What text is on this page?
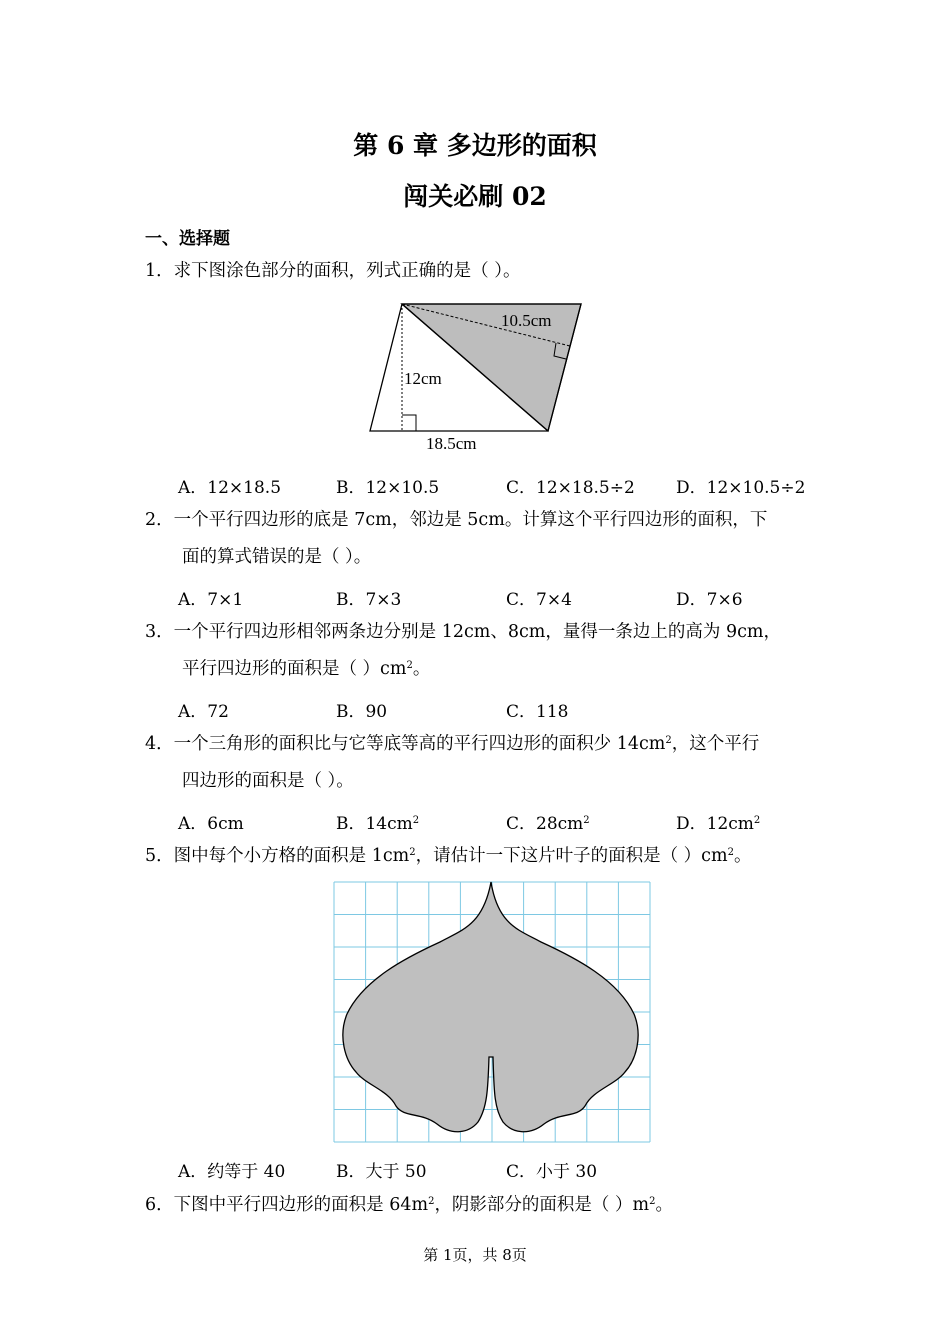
第 6 章 多边形的面积
闯关必刷 02
一、选择题
1．求下图涂色部分的面积，列式正确的是（ ）。
10.5cm
12cm
18.5cm
A．12×18.5	B．12×10.5	C．12×18.5÷2 D．12×10.5÷2
2．一个平行四边形的底是 7cm，邻边是 5cm。计算这个平行四边形的面积，下
面的算式错误的是（ ）。
A．7×1	B．7×3	C．7×4	D．7×6
3．一个平行四边形相邻两条边分别是 12cm、8cm，量得一条边上的高为 9cm，
平行四边形的面积是（ ）$cm^2$。
A．72	B．90	C．118
4．一个三角形的面积比与它等底等高的平行四边形的面积少 $14cm^2$，这个平行
四边形的面积是（ ）。
A．6cm	B．$14cm^2$	C．$28cm^2$	D．$12cm^2$
5．图中每个小方格的面积是 $1cm^2$，请估计一下这片叶子的面积是（ ）$cm^2$。
A．约等于 40	B．大于 50	C．小于 30
6．下图中平行四边形的面积是 $64m^2$，阴影部分的面积是（ ）$m^2$。
第 1页，共 8页
